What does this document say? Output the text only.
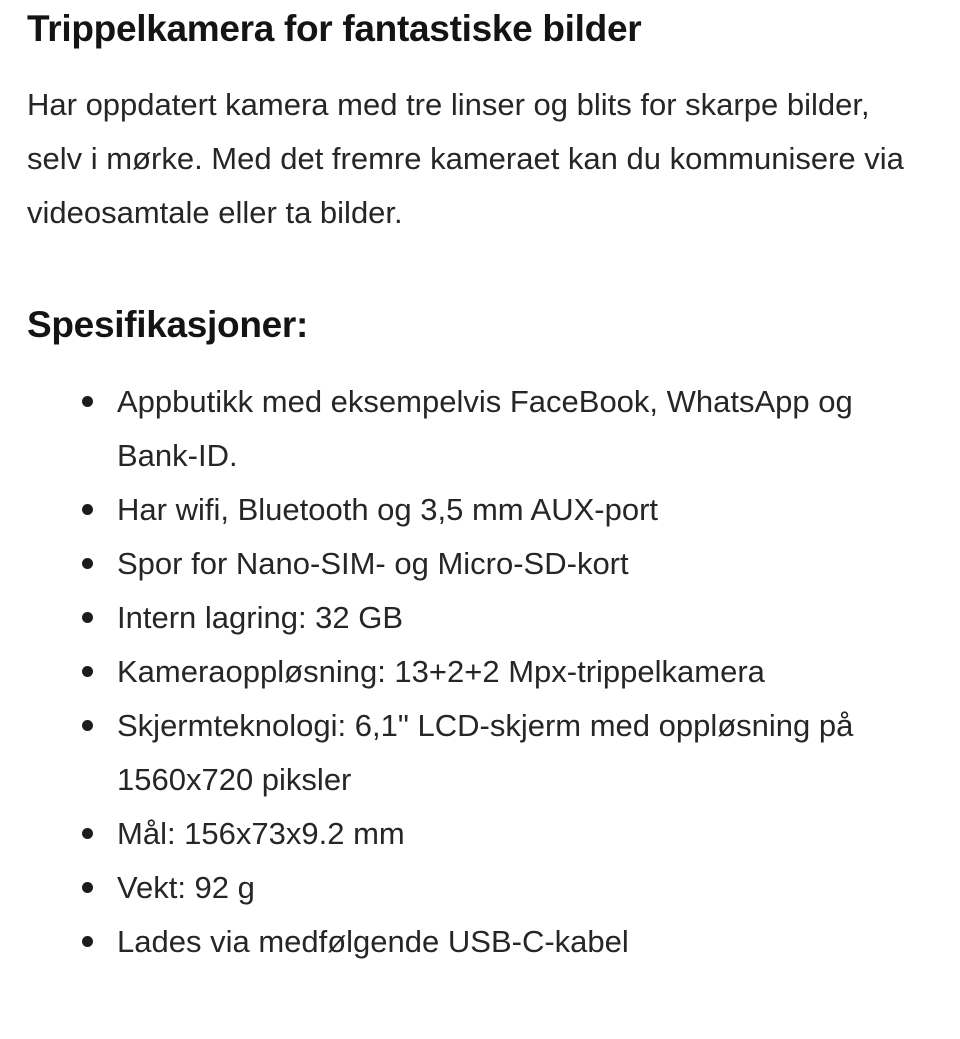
Trippelkamera for fantastiske bilder

Har oppdatert kamera med tre linser og blits for skarpe bilder, selv i mørke. Med det fremre kameraet kan du kommunisere via videosamtale eller ta bilder.

Spesifikasjoner:
Appbutikk med eksempelvis FaceBook, WhatsApp og Bank-ID.
Har wifi, Bluetooth og 3,5 mm AUX-port
Spor for Nano-SIM- og Micro-SD-kort
Intern lagring: 32 GB
Kameraoppløsning: 13+2+2 Mpx-trippelkamera
Skjermteknologi: 6,1" LCD-skjerm med oppløsning på 1560x720 piksler
Mål: 156x73x9.2 mm
Vekt: 92 g
Lades via medfølgende USB-C-kabel
